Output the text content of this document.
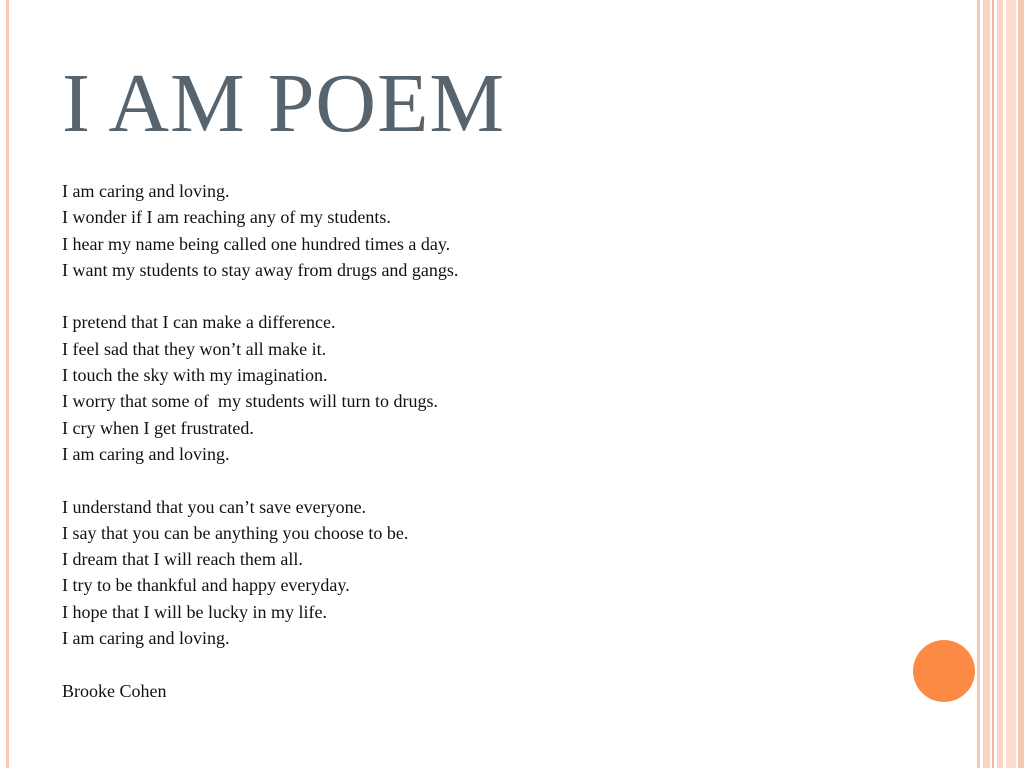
I AM POEM
I am caring and loving.
I wonder if I am reaching any of my students.
I hear my name being called one hundred times a day.
I want my students to stay away from drugs and gangs.
I pretend that I can make a difference.
I feel sad that they won’t all make it.
I touch the sky with my imagination.
I worry that some of  my students will turn to drugs.
I cry when I get frustrated.
I am caring and loving.
I understand that you can’t save everyone.
I say that you can be anything you choose to be.
I dream that I will reach them all.
I try to be thankful and happy everyday.
I hope that I will be lucky in my life.
I am caring and loving.
Brooke Cohen
